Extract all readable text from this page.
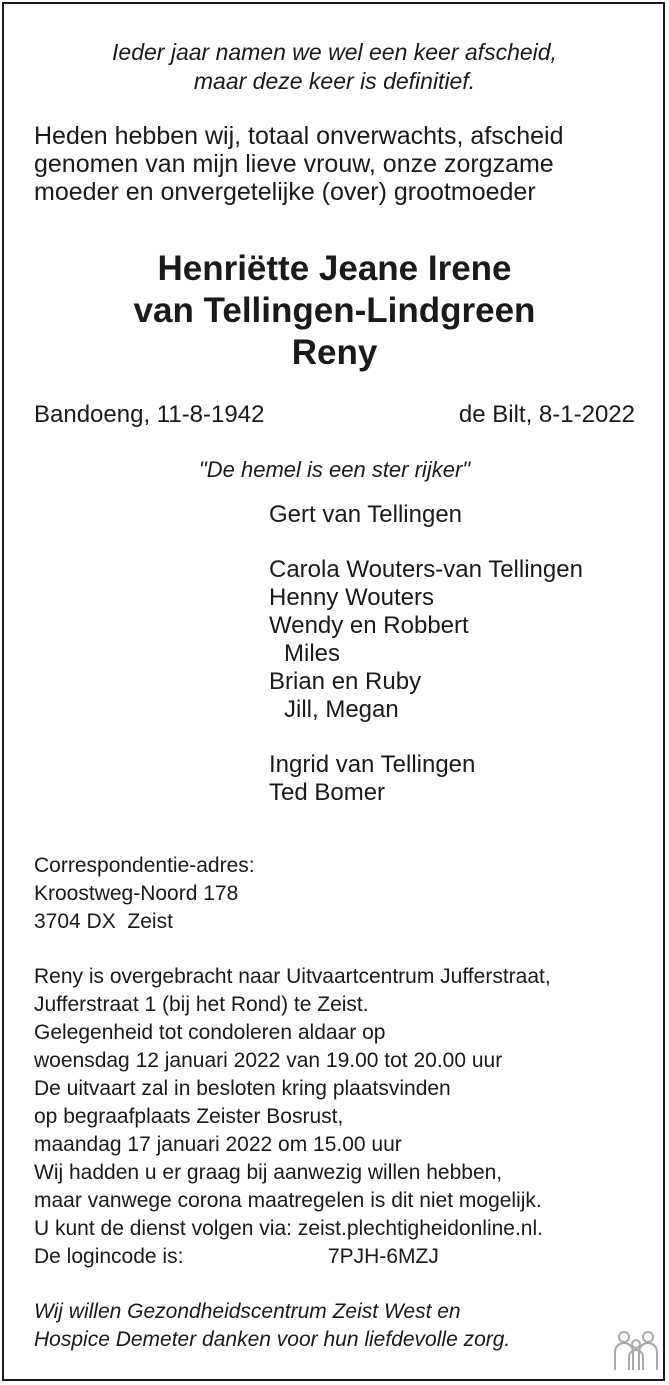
Ieder jaar namen we wel een keer afscheid,
maar deze keer is definitief.
Heden hebben wij, totaal onverwachts, afscheid
genomen van mijn lieve vrouw, onze zorgzame
moeder en onvergetelijke (over) grootmoeder
Henriëtte Jeane Irene
van Tellingen-Lindgreen
Reny
Bandoeng, 11-8-1942	de Bilt, 8-1-2022
"De hemel is een ster rijker"
Gert van Tellingen
Carola Wouters-van Tellingen
Henny Wouters
Wendy en Robbert
Miles
Brian en Ruby
Jill, Megan
Ingrid van Tellingen
Ted Bomer
Correspondentie-adres:
Kroostweg-Noord 178
3704 DX  Zeist
Reny is overgebracht naar Uitvaartcentrum Jufferstraat,
Jufferstraat 1 (bij het Rond) te Zeist.
Gelegenheid tot condoleren aldaar op
woensdag 12 januari 2022 van 19.00 tot 20.00 uur
De uitvaart zal in besloten kring plaatsvinden
op begraafplaats Zeister Bosrust,
maandag 17 januari 2022 om 15.00 uur
Wij hadden u er graag bij aanwezig willen hebben,
maar vanwege corona maatregelen is dit niet mogelijk.
U kunt de dienst volgen via: zeist.plechtigheidonline.nl.
De logincode is:	7PJH-6MZJ
Wij willen Gezondheidscentrum Zeist West en
Hospice Demeter danken voor hun liefdevolle zorg.
